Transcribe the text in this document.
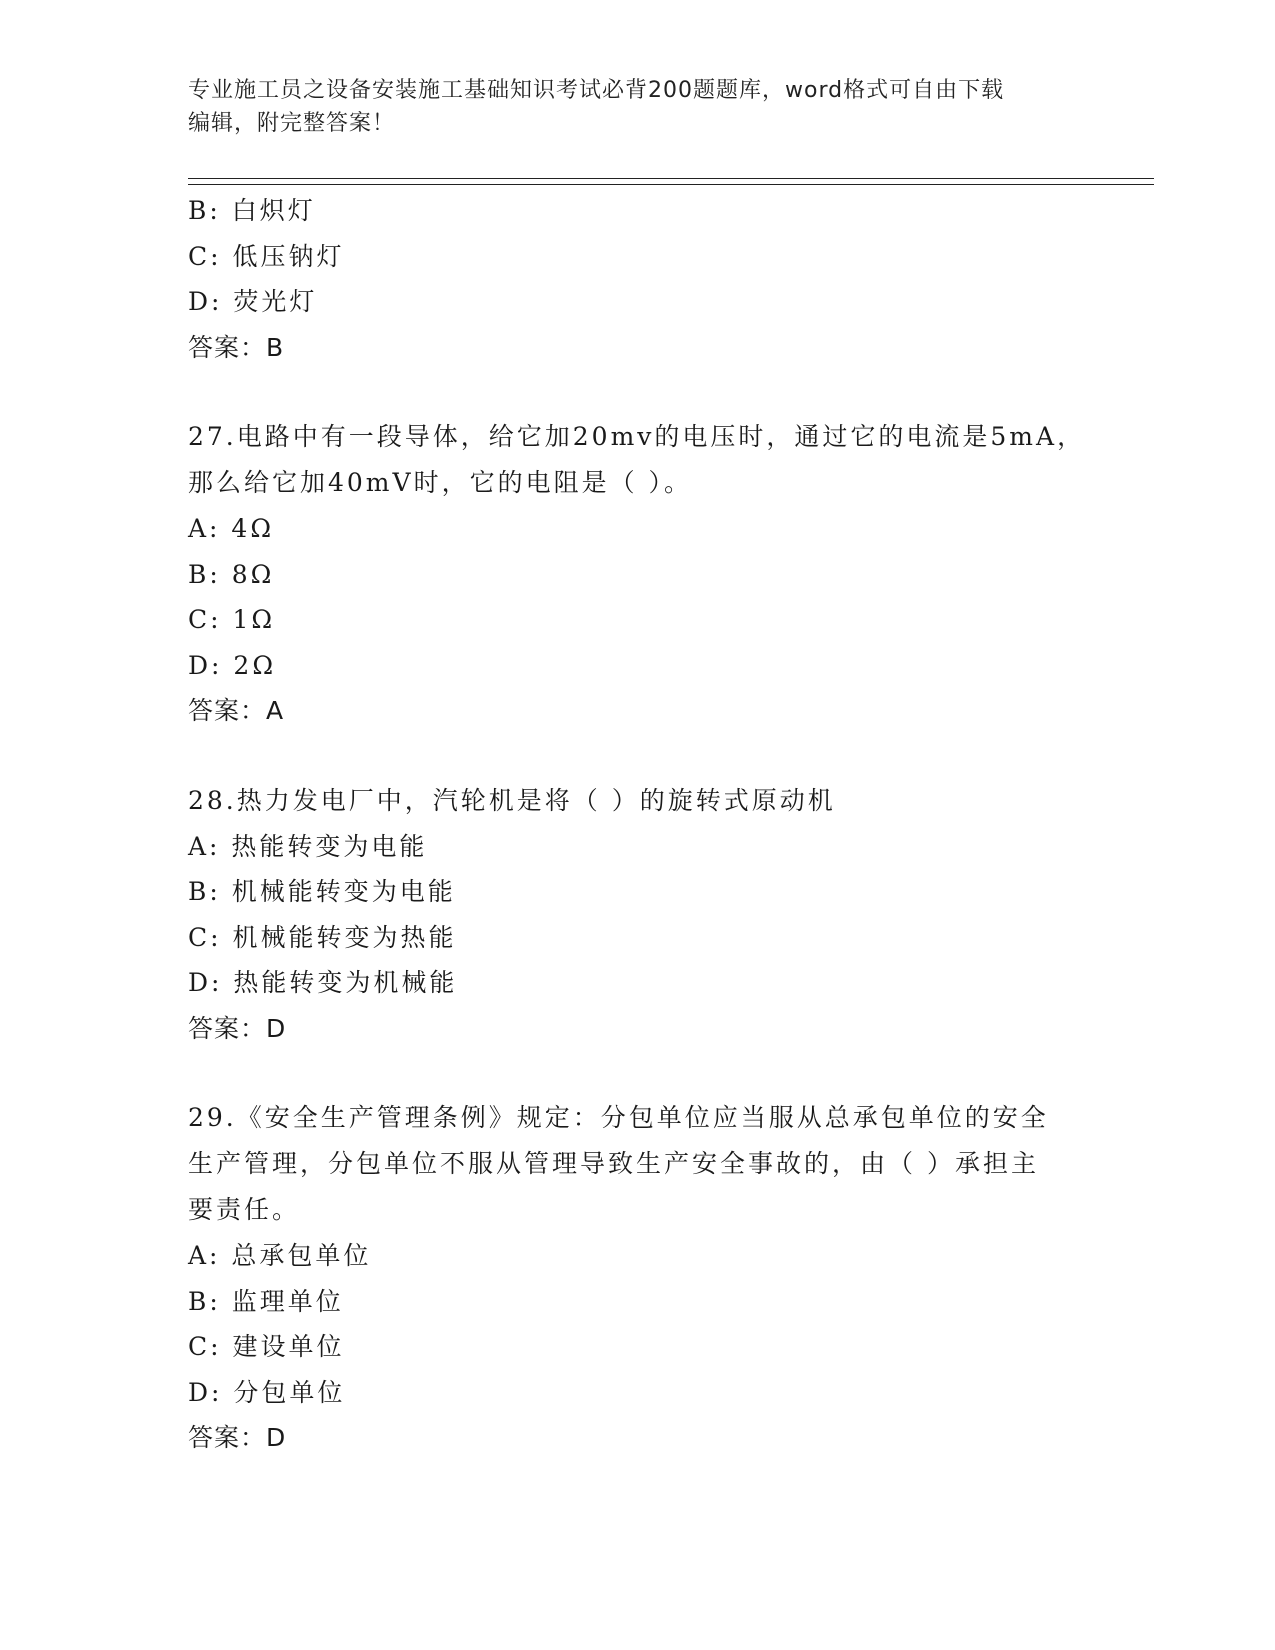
专业施工员之设备安装施工基础知识考试必背200题题库，word格式可自由下载
编辑，附完整答案！
B: 白炽灯
C: 低压钠灯
D: 荧光灯
答案：B
27.电路中有一段导体，给它加20mv的电压时，通过它的电流是5mA，
那么给它加40mV时，它的电阻是（ ）。
A: 4Ω
B: 8Ω
C: 1Ω
D: 2Ω
答案：A
28.热力发电厂中，汽轮机是将（ ）的旋转式原动机
A: 热能转变为电能
B: 机械能转变为电能
C: 机械能转变为热能
D: 热能转变为机械能
答案：D
29.《安全生产管理条例》规定：分包单位应当服从总承包单位的安全
生产管理，分包单位不服从管理导致生产安全事故的，由（ ）承担主
要责任。
A: 总承包单位
B: 监理单位
C: 建设单位
D: 分包单位
答案：D
